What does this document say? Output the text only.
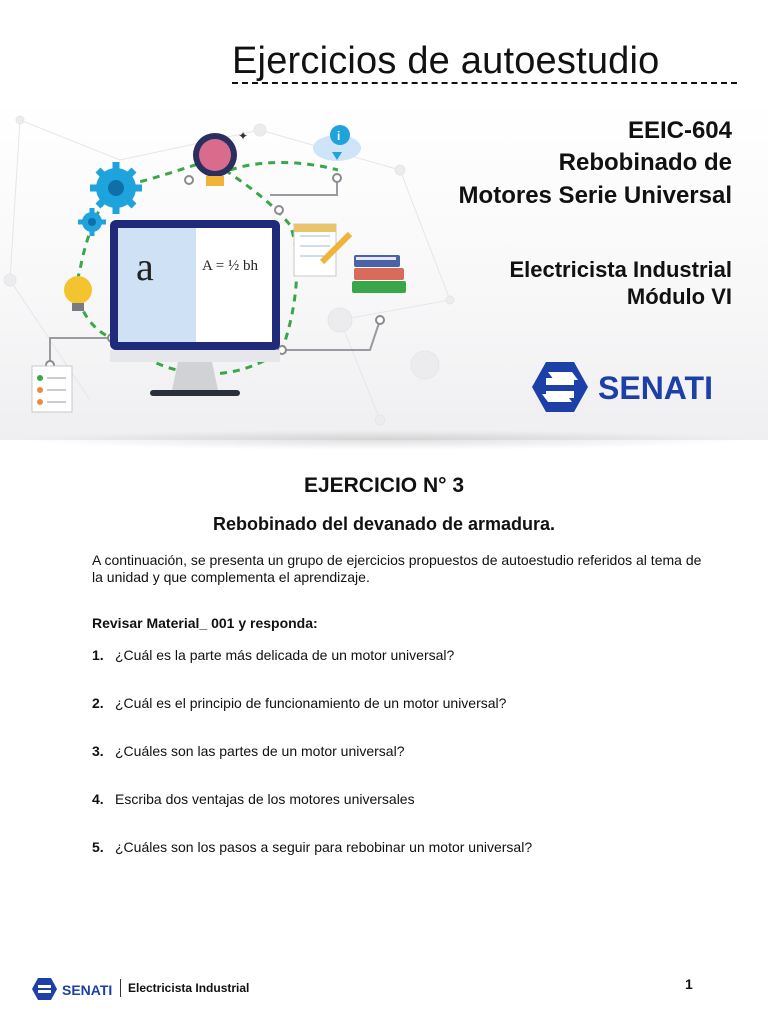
Ejercicios de autoestudio
EEIC-604
Rebobinado de
Motores Serie Universal
Electricista Industrial
Módulo VI
a	A = ½ bh
✦	i
SENATI
EJERCICIO N° 3
Rebobinado del devanado de armadura.
A continuación, se presenta un grupo de ejercicios propuestos de autoestudio referidos al tema de la unidad y que complementa el aprendizaje.
Revisar Material_ 001 y responda:
1. ¿Cuál es la parte más delicada de un motor universal?
2. ¿Cuál es el principio de funcionamiento de un motor universal?
3. ¿Cuáles son las partes de un motor universal?
4. Escriba dos ventajas de los motores universales
5. ¿Cuáles son los pasos a seguir para rebobinar un motor universal?
SENATI Electricista Industrial	1
